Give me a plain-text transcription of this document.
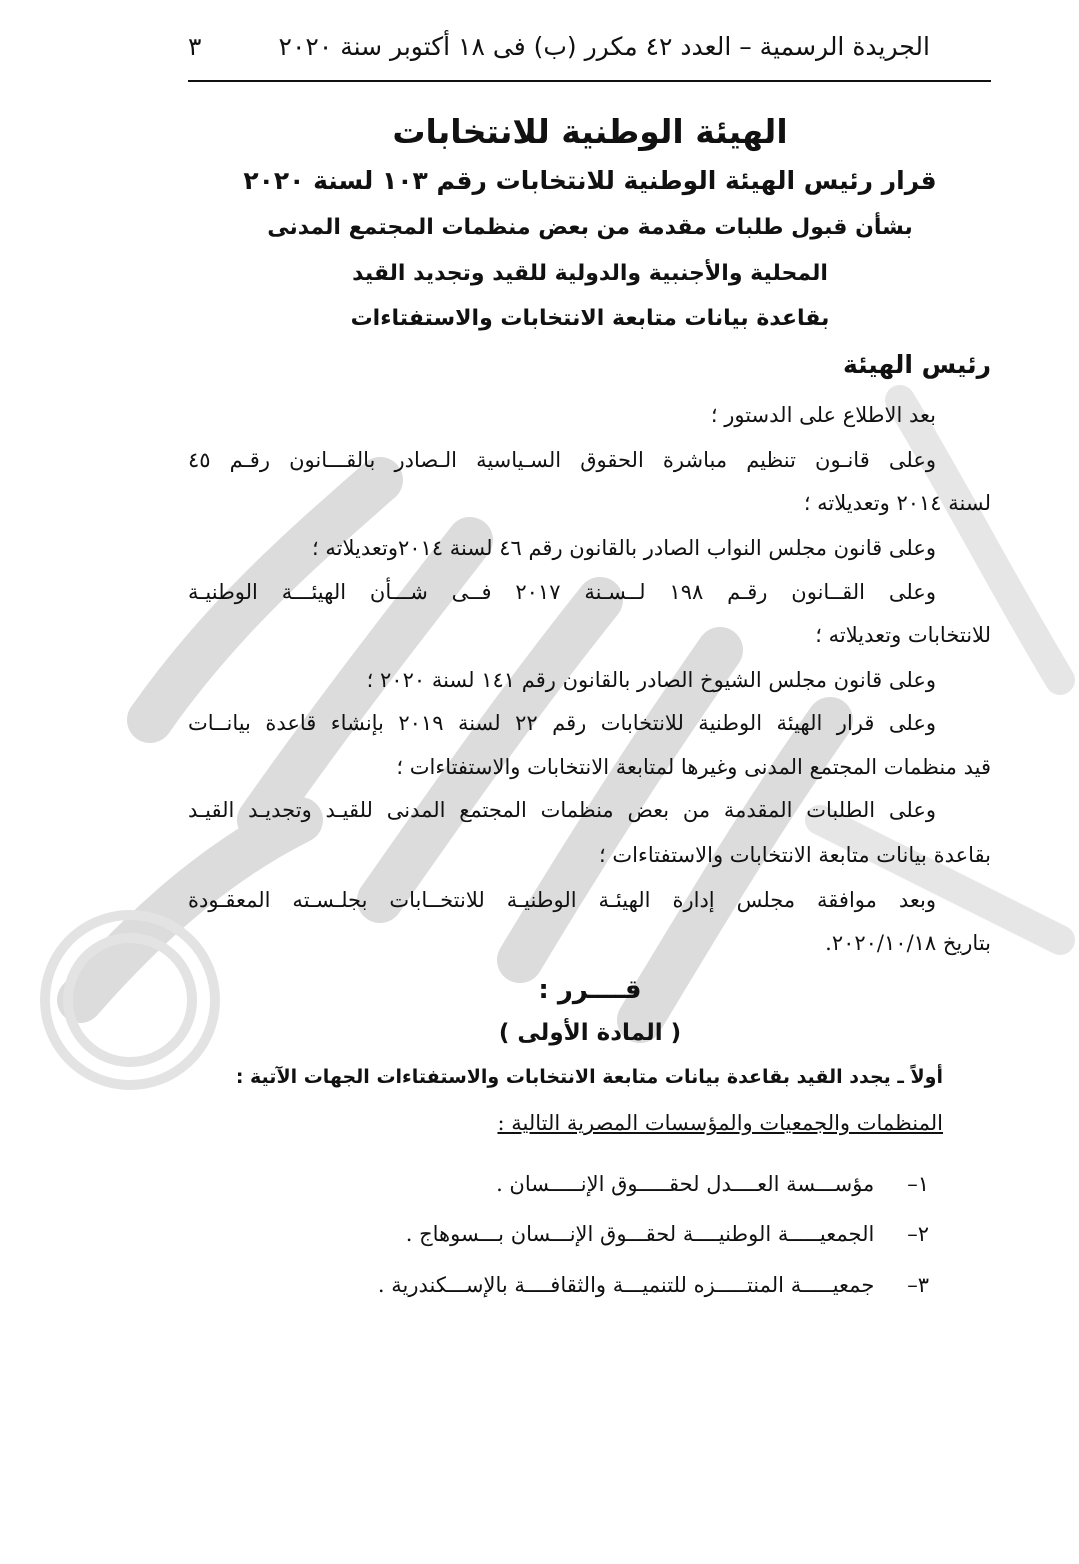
الجريدة الرسمية – العدد ٤٢ مكرر (ب) فى ١٨ أكتوبر سنة ٢٠٢٠
٣
الهيئة الوطنية للانتخابات
قرار رئيس الهيئة الوطنية للانتخابات رقم ١٠٣ لسنة ٢٠٢٠
بشأن قبول طلبات مقدمة من بعض منظمات المجتمع المدنى
المحلية والأجنبية والدولية للقيد وتجديد القيد
بقاعدة بيانات متابعة الانتخابات والاستفتاءات
رئيس الهيئة
بعد الاطلاع على الدستور ؛
وعلى قانـون تنظيم مباشرة الحقوق السـياسية الـصادر بالقـــانون رقـم ٤٥
لسنة ٢٠١٤ وتعديلاته ؛
وعلى قانون مجلس النواب الصادر بالقانون رقم ٤٦ لسنة ٢٠١٤وتعديلاته ؛
وعلى القــانون رقـم ١٩٨ لــسـنة ٢٠١٧ فــى شـــأن الهيئـــة الوطنيـة
للانتخابات وتعديلاته ؛
وعلى قانون مجلس الشيوخ الصادر بالقانون رقم ١٤١ لسنة ٢٠٢٠ ؛
وعلى قرار الهيئة الوطنية للانتخابات رقم ٢٢ لسنة ٢٠١٩ بإنشاء قاعدة بيانــات
قيد منظمات المجتمع المدنى وغيرها لمتابعة الانتخابات والاستفتاءات ؛
وعلى الطلبات المقدمة من بعض منظمات المجتمع المدنى للقيـد وتجديـد القيـد
بقاعدة بيانات متابعة الانتخابات والاستفتاءات ؛
وبعد موافقة مجلس إدارة الهيئـة الوطنيـة للانتخــابات بجلـسـته المعقـودة
بتاريخ ٢٠٢٠/١٠/١٨.
قــــرر :
( المادة الأولى )
أولاً ـ يجدد القيد بقاعدة بيانات متابعة الانتخابات والاستفتاءات الجهات الآتية :
المنظمات والجمعيات والمؤسسات المصرية التالية :
١– مؤســـسة العــــدل لحقـــــوق الإنـــــسان .
٢– الجمعيـــــة الوطنيــــة لحقـــوق الإنـــسان بـــسوهاج .
٣– جمعيـــــة المنتـــــزه للتنميـــة والثقافــــة بالإســـكندرية .
